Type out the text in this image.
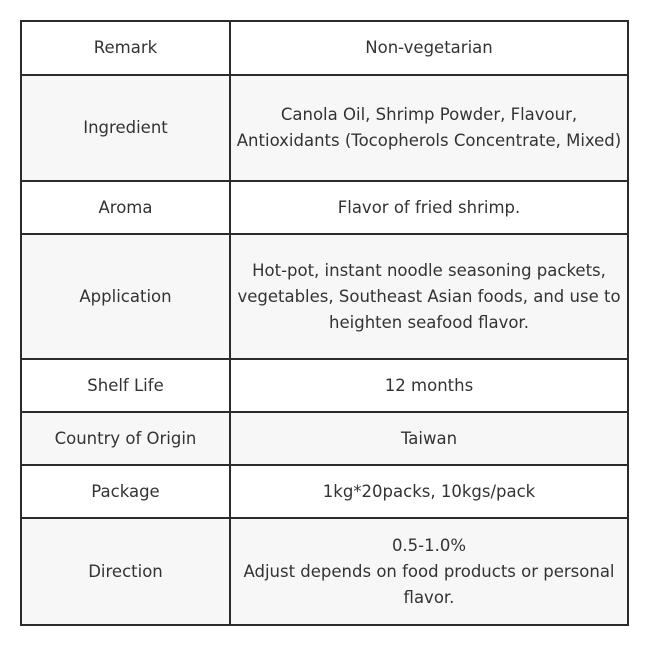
Remark	Non-vegetarian

Ingredient	Canola Oil, Shrimp Powder, Flavour,
Antioxidants (Tocopherols Concentrate, Mixed)

Aroma	Flavor of fried shrimp.

Application	Hot-pot, instant noodle seasoning packets,
vegetables, Southeast Asian foods, and use to
heighten seafood flavor.

Shelf Life	12 months

Country of Origin	Taiwan

Package	1kg*20packs, 10kgs/pack

Direction	0.5-1.0%
Adjust depends on food products or personal
flavor.
